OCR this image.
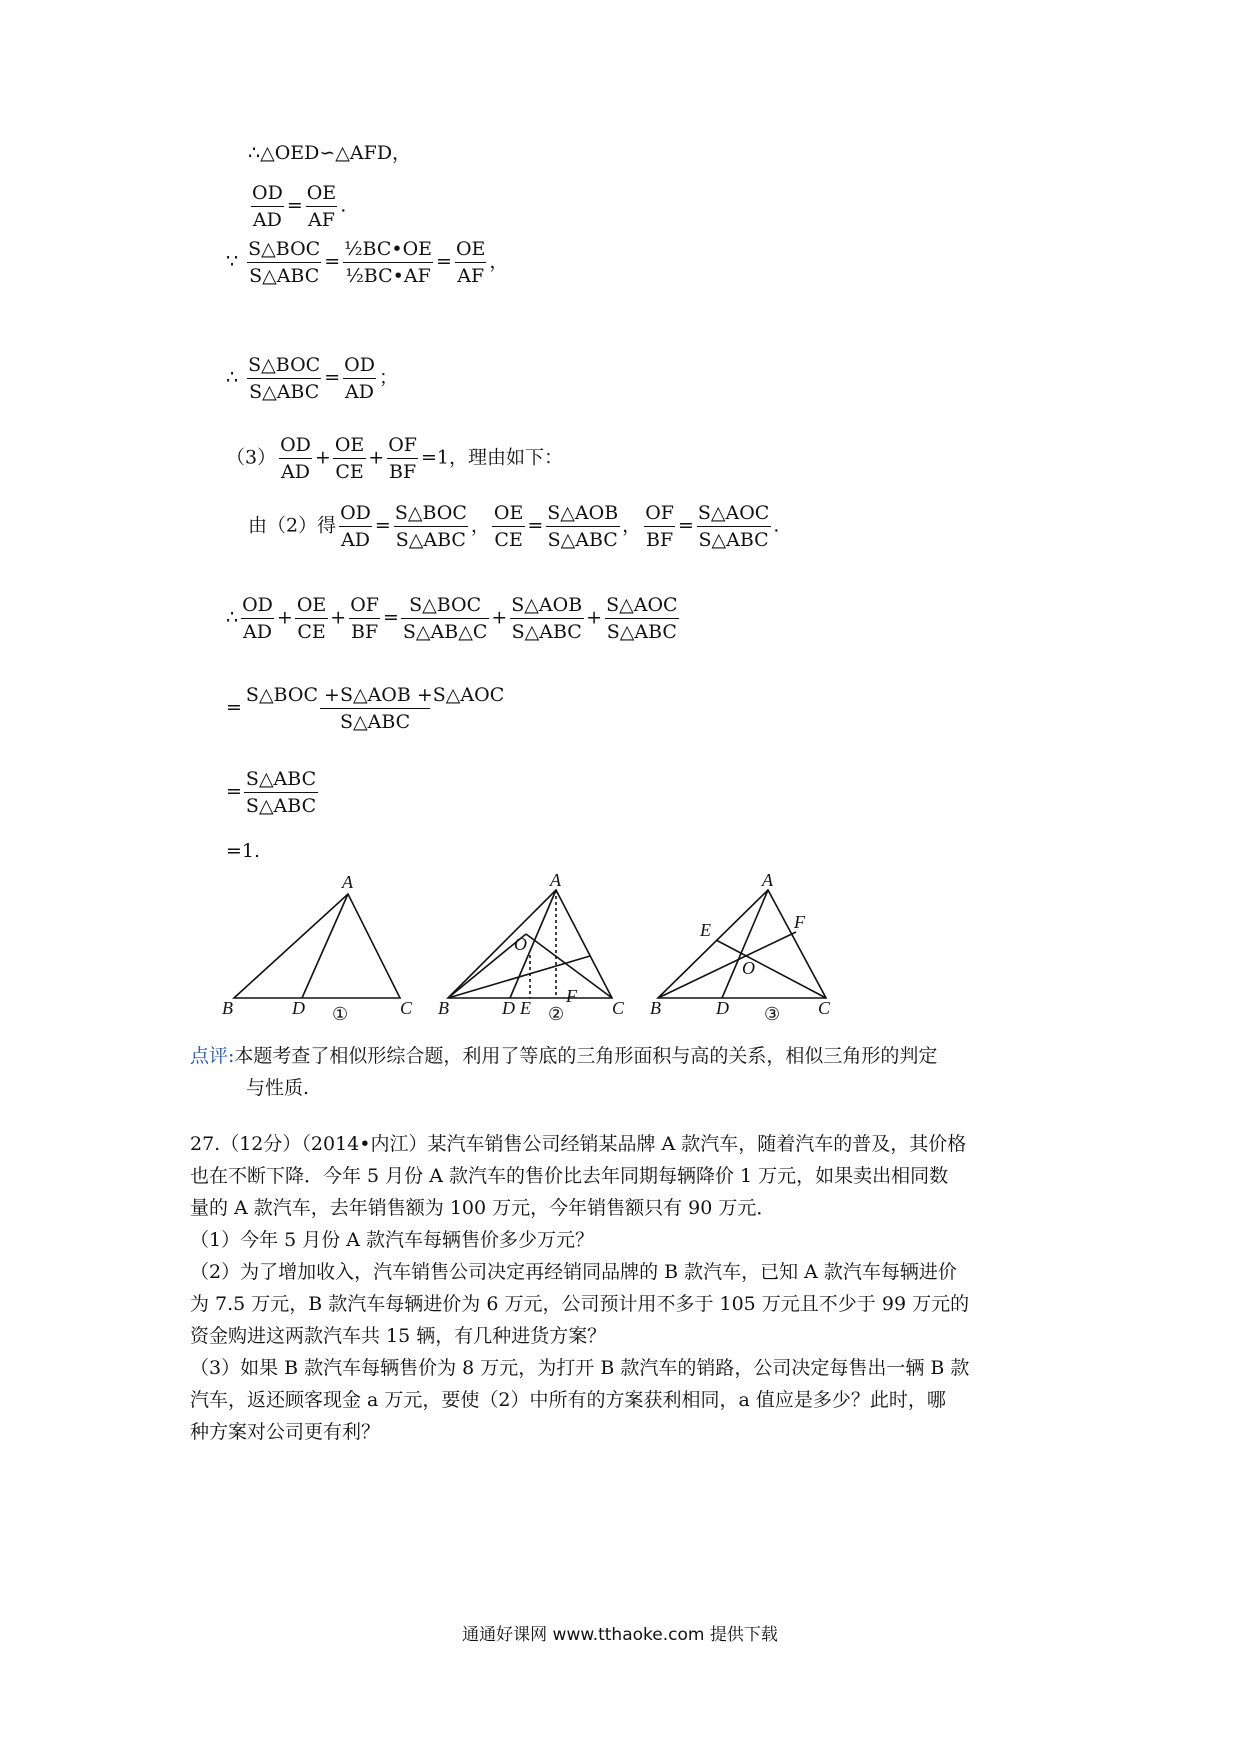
∴△OED∽△AFD，
$\frac{OD}{AD} = \frac{OE}{AF}$ .
∵ $\frac{\text{S△BOC}}{\text{S△ABC}} = \frac{\text{½BC•OE}}{\text{½BC•AF}} = \frac{OE}{AF}$ ，
∴ $\frac{\text{S△BOC}}{\text{S△ABC}} = \frac{OD}{AD}$ ；
$(3) \frac{OD}{AD} + \frac{OE}{CE} + \frac{OF}{BF} =1$，理由如下：
由（2）得 $\frac{OD}{AD} = \frac{\text{S△BOC}}{\text{S△ABC}}$ ， $\frac{OE}{CE} = \frac{\text{S△AOB}}{\text{S△ABC}}$ ， $\frac{OF}{BF} = \frac{\text{S△AOC}}{\text{S△ABC}}$ .
∴ $\frac{OD}{AD} + \frac{OE}{CE} + \frac{OF}{BF} = \frac{\text{S△BOC}}{S\triangle AB\triangle C} + \frac{\text{S△AOB}}{\text{S△ABC}} + \frac{\text{S△AOC}}{\text{S△ABC}}$
= $\frac{\text{S△BOC +S△AOB +S△AOC}}{\text{S△ABC}}$
= $\frac{\text{S△ABC}}{\text{S△ABC}}$
=1.
A
B	C
D ①
A
B	C
D E
F
O
②
A
B	C
D
E	F
O
③
点评:本题考查了相似形综合题，利用了等底的三角形面积与高的关系，相似三角形的判定
与性质.
27.（12分）（2014•内江）某汽车销售公司经销某品牌 A 款汽车，随着汽车的普及，其价格
也在不断下降．今年 5 月份 A 款汽车的售价比去年同期每辆降价 1 万元，如果卖出相同数
量的 A 款汽车，去年销售额为 100 万元，今年销售额只有 90 万元．
（1）今年 5 月份 A 款汽车每辆售价多少万元？
（2）为了增加收入，汽车销售公司决定再经销同品牌的 B 款汽车，已知 A 款汽车每辆进价
为 7.5 万元，B 款汽车每辆进价为 6 万元，公司预计用不多于 105 万元且不少于 99 万元的
资金购进这两款汽车共 15 辆，有几种进货方案？
（3）如果 B 款汽车每辆售价为 8 万元，为打开 B 款汽车的销路，公司决定每售出一辆 B 款
汽车，返还顾客现金 a 万元，要使（2）中所有的方案获利相同，a 值应是多少？此时，哪
种方案对公司更有利？
通通好课网 www.tthaoke.com 提供下载
